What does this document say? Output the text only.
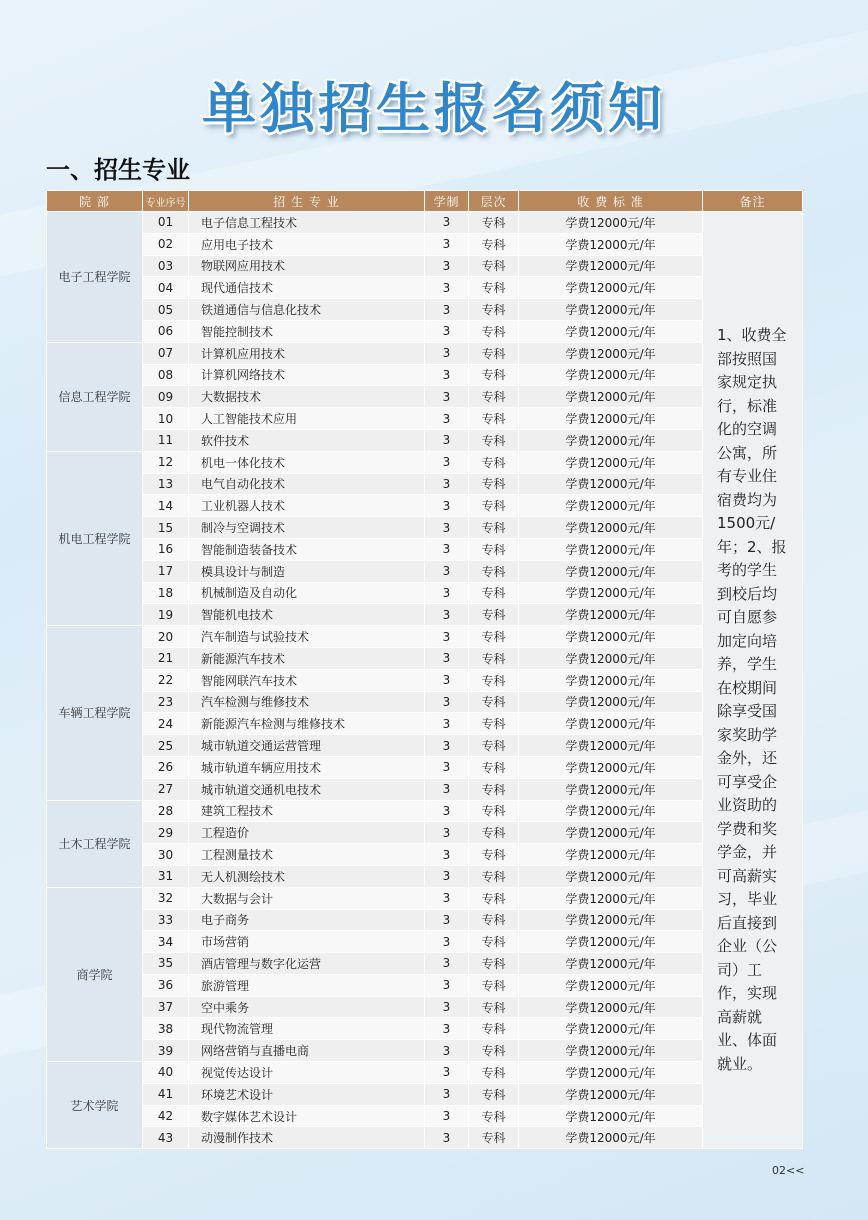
单独招生报名须知
一、招生专业
院 部	专业序号	招 生 专 业	学制	层次	收 费 标 准	备注
电子工程学院	01	电子信息工程技术	3	专科	学费12000元/年	1、收费全部按照国家规定执行，标准化的空调公寓，所有专业住宿费均为1500元/年；2、报考的学生到校后均可自愿参加定向培养，学生在校期间除享受国家奖助学金外，还可享受企业资助的学费和奖学金，并可高薪实习，毕业后直接到企业（公司）工作，实现高薪就业、体面就业。
	02	应用电子技术	3	专科	学费12000元/年	
	03	物联网应用技术	3	专科	学费12000元/年	
	04	现代通信技术	3	专科	学费12000元/年	
	05	铁道通信与信息化技术	3	专科	学费12000元/年	
	06	智能控制技术	3	专科	学费12000元/年	
信息工程学院	07	计算机应用技术	3	专科	学费12000元/年	
	08	计算机网络技术	3	专科	学费12000元/年	
	09	大数据技术	3	专科	学费12000元/年	
	10	人工智能技术应用	3	专科	学费12000元/年	
	11	软件技术	3	专科	学费12000元/年	
机电工程学院	12	机电一体化技术	3	专科	学费12000元/年	
	13	电气自动化技术	3	专科	学费12000元/年	
	14	工业机器人技术	3	专科	学费12000元/年	
	15	制冷与空调技术	3	专科	学费12000元/年	
	16	智能制造装备技术	3	专科	学费12000元/年	
	17	模具设计与制造	3	专科	学费12000元/年	
	18	机械制造及自动化	3	专科	学费12000元/年	
	19	智能机电技术	3	专科	学费12000元/年	
车辆工程学院	20	汽车制造与试验技术	3	专科	学费12000元/年	
	21	新能源汽车技术	3	专科	学费12000元/年	
	22	智能网联汽车技术	3	专科	学费12000元/年	
	23	汽车检测与维修技术	3	专科	学费12000元/年	
	24	新能源汽车检测与维修技术	3	专科	学费12000元/年	
	25	城市轨道交通运营管理	3	专科	学费12000元/年	
	26	城市轨道车辆应用技术	3	专科	学费12000元/年	
	27	城市轨道交通机电技术	3	专科	学费12000元/年	
土木工程学院	28	建筑工程技术	3	专科	学费12000元/年	
	29	工程造价	3	专科	学费12000元/年	
	30	工程测量技术	3	专科	学费12000元/年	
	31	无人机测绘技术	3	专科	学费12000元/年	
商学院	32	大数据与会计	3	专科	学费12000元/年	
	33	电子商务	3	专科	学费12000元/年	
	34	市场营销	3	专科	学费12000元/年	
	35	酒店管理与数字化运营	3	专科	学费12000元/年	
	36	旅游管理	3	专科	学费12000元/年	
	37	空中乘务	3	专科	学费12000元/年	
	38	现代物流管理	3	专科	学费12000元/年	
	39	网络营销与直播电商	3	专科	学费12000元/年	
艺术学院	40	视觉传达设计	3	专科	学费12000元/年	
	41	环境艺术设计	3	专科	学费12000元/年	
	42	数字媒体艺术设计	3	专科	学费12000元/年	
	43	动漫制作技术	3	专科	学费12000元/年	
02<<
